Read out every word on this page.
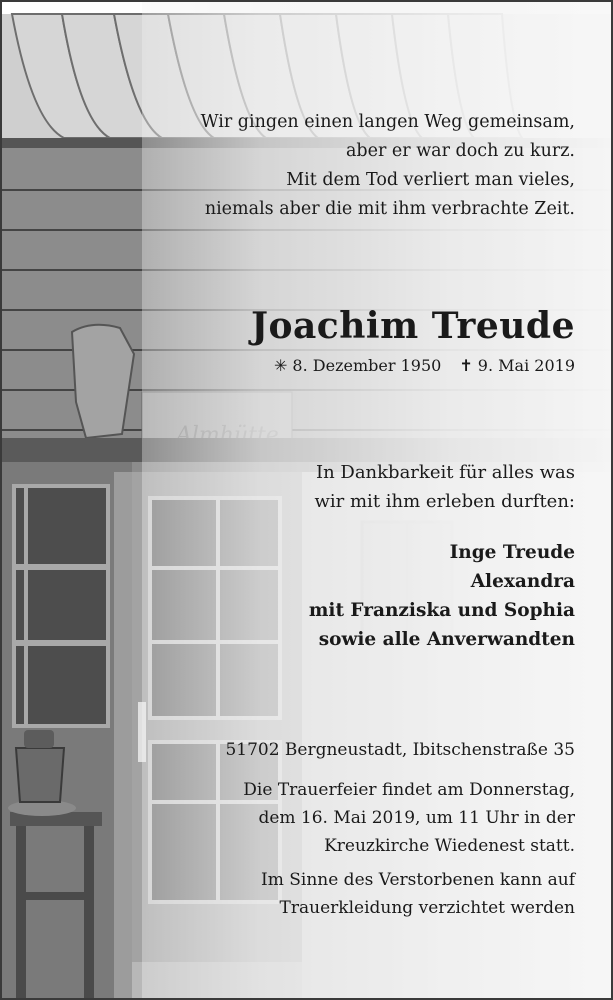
Wir gingen einen langen Weg gemeinsam,
aber er war doch zu kurz.
Mit dem Tod verliert man vieles,
niemals aber die mit ihm verbrachte Zeit.
Joachim Treude
✳ 8. Dezember 1950 ✝ 9. Mai 2019
In Dankbarkeit für alles was
wir mit ihm erleben durften:
Inge Treude
Alexandra
mit Franziska und Sophia
sowie alle Anverwandten
51702 Bergneustadt, Ibitschenstraße 35
Die Trauerfeier findet am Donnerstag,
dem 16. Mai 2019, um 11 Uhr in der
Kreuzkirche Wiedenest statt.
Im Sinne des Verstorbenen kann auf
Trauerkleidung verzichtet werden
